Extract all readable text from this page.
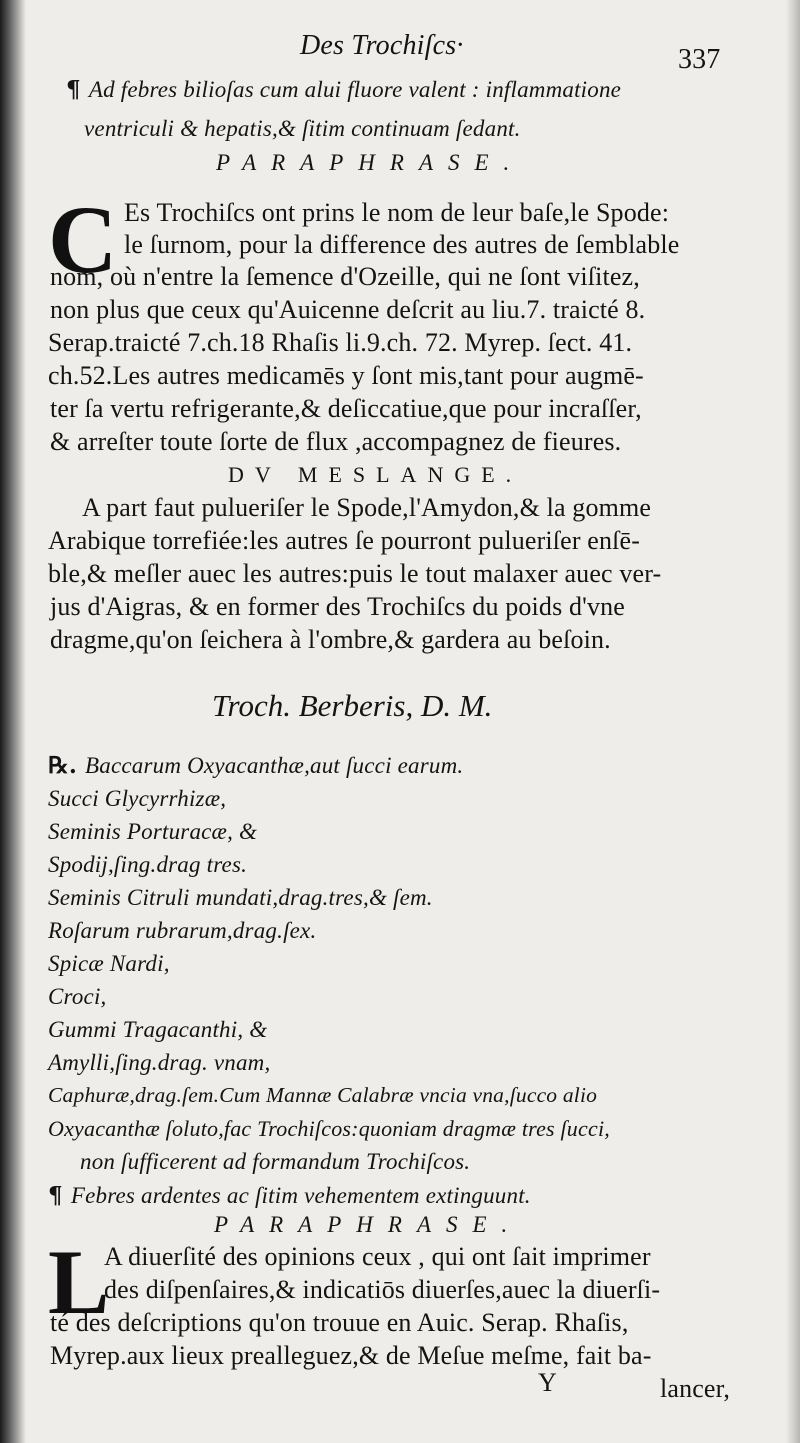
Des Trochiſcs·	337
¶ Ad febres bilioſas cum alui fluore valent : inflammatione
ventriculi & hepatis,& ſitim continuam ſedant.
PARAPHRASE.
C Es Trochiſcs ont prins le nom de leur baſe,le Spode:
le ſurnom, pour la difference des autres de ſemblable
nom, où n'entre la ſemence d'Ozeille, qui ne ſont viſitez,
non plus que ceux qu'Auicenne deſcrit au liu.7. traicté 8.
Serap.traicté 7.ch.18 Rhaſis li.9.ch. 72. Myrep. ſect. 41.
ch.52.Les autres medicamēs y ſont mis,tant pour augmē-
ter ſa vertu refrigerante,& deſiccatiue,que pour incraſſer,
& arreſter toute ſorte de flux ,accompagnez de fieures.
DV MESLANGE.
A part faut pulueriſer le Spode,l'Amydon,& la gomme
Arabique torrefiée:les autres ſe pourront pulueriſer enſē-
ble,& meſler auec les autres:puis le tout malaxer auec ver-
jus d'Aigras, & en former des Trochiſcs du poids d'vne
dragme,qu'on ſeichera à l'ombre,& gardera au beſoin.
Troch. Berberis, D. M.
℞. Baccarum Oxyacanthæ,aut ſucci earum.
Succi Glycyrrhizæ,
Seminis Porturacæ, &
Spodij,ſing.drag tres.
Seminis Citruli mundati,drag.tres,& ſem.
Roſarum rubrarum,drag.ſex.
Spicæ Nardi,
Croci,
Gummi Tragacanthi, &
Amylli,ſing.drag. vnam,
Caphuræ,drag.ſem.Cum Mannæ Calabræ vncia vna,ſucco alio
Oxyacanthæ ſoluto,fac Trochiſcos:quoniam dragmæ tres ſucci,
non ſufficerent ad formandum Trochiſcos.
¶ Febres ardentes ac ſitim vehementem extinguunt.
PARAPHRASE.
L
A diuerſité des opinions ceux , qui ont ſait imprimer
des diſpenſaires,& indicatiōs diuerſes,auec la diuerſi-
té des deſcriptions qu'on trouue en Auic. Serap. Rhaſis,
Myrep.aux lieux prealleguez,& de Meſue meſme, fait ba-
Y	lancer,
